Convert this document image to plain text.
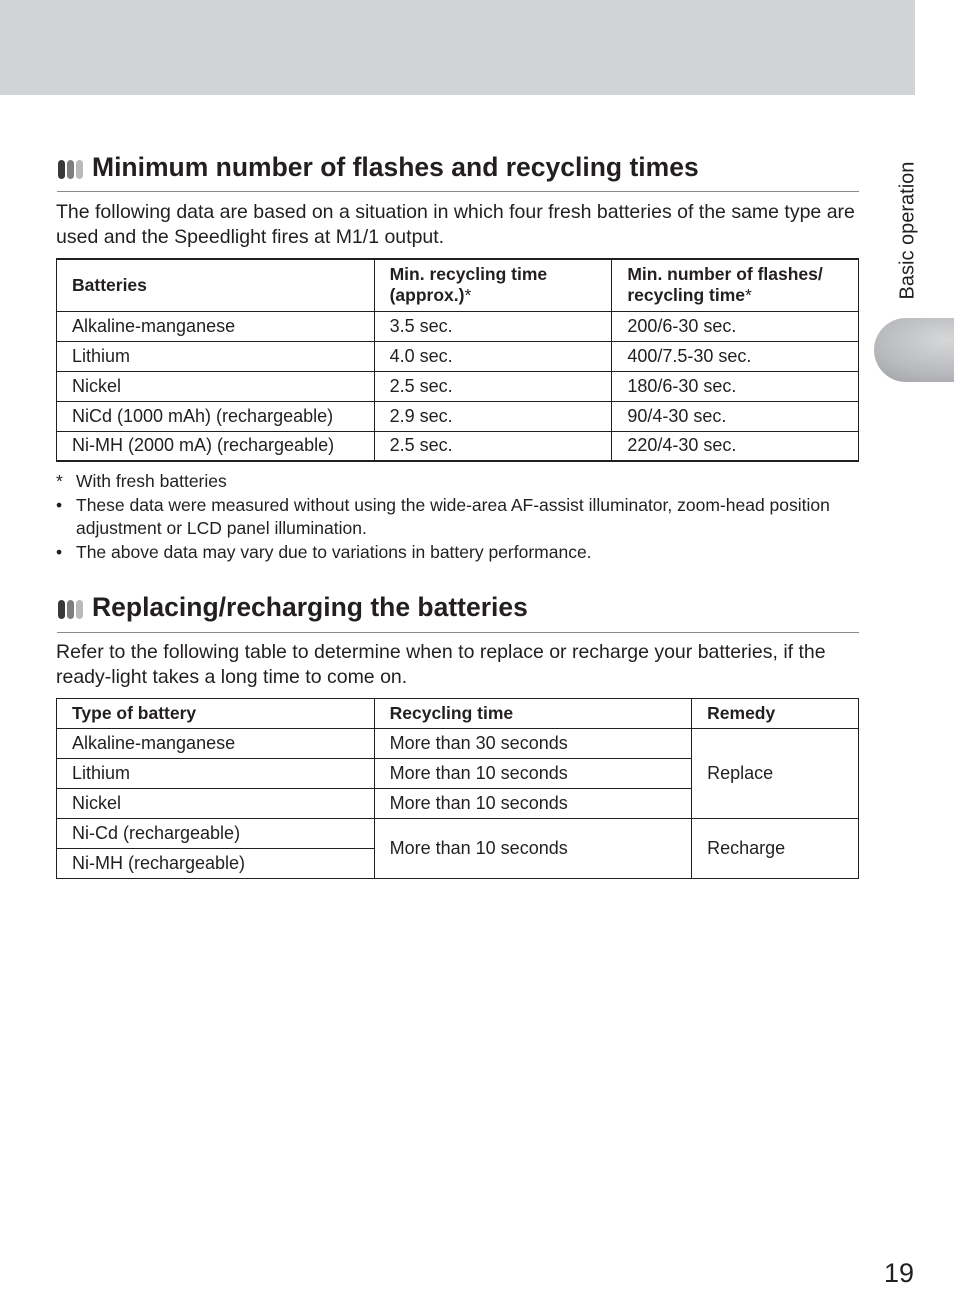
Basic operation
Minimum number of flashes and recycling times

The following data are based on a situation in which four fresh batteries of the same type are used and the Speedlight fires at M1/1 output.

Batteries	Min. recycling time (approx.)*	Min. number of flashes/ recycling time*
Alkaline-manganese	3.5 sec.	200/6-30 sec.
Lithium	4.0 sec.	400/7.5-30 sec.
Nickel	2.5 sec.	180/6-30 sec.
NiCd (1000 mAh) (rechargeable)	2.9 sec.	90/4-30 sec.
Ni-MH (2000 mA) (rechargeable)	2.5 sec.	220/4-30 sec.

* With fresh batteries

• These data were measured without using the wide-area AF-assist illuminator, zoom-head position adjustment or LCD panel illumination.

• The above data may vary due to variations in battery performance.

Replacing/recharging the batteries

Refer to the following table to determine when to replace or recharge your batteries, if the ready-light takes a long time to come on.

Type of battery	Recycling time	Remedy
Alkaline-manganese	More than 30 seconds	Replace
Lithium	More than 10 seconds	
Nickel	More than 10 seconds	
Ni-Cd (rechargeable)	More than 10 seconds	Recharge
Ni-MH (rechargeable)		
19
